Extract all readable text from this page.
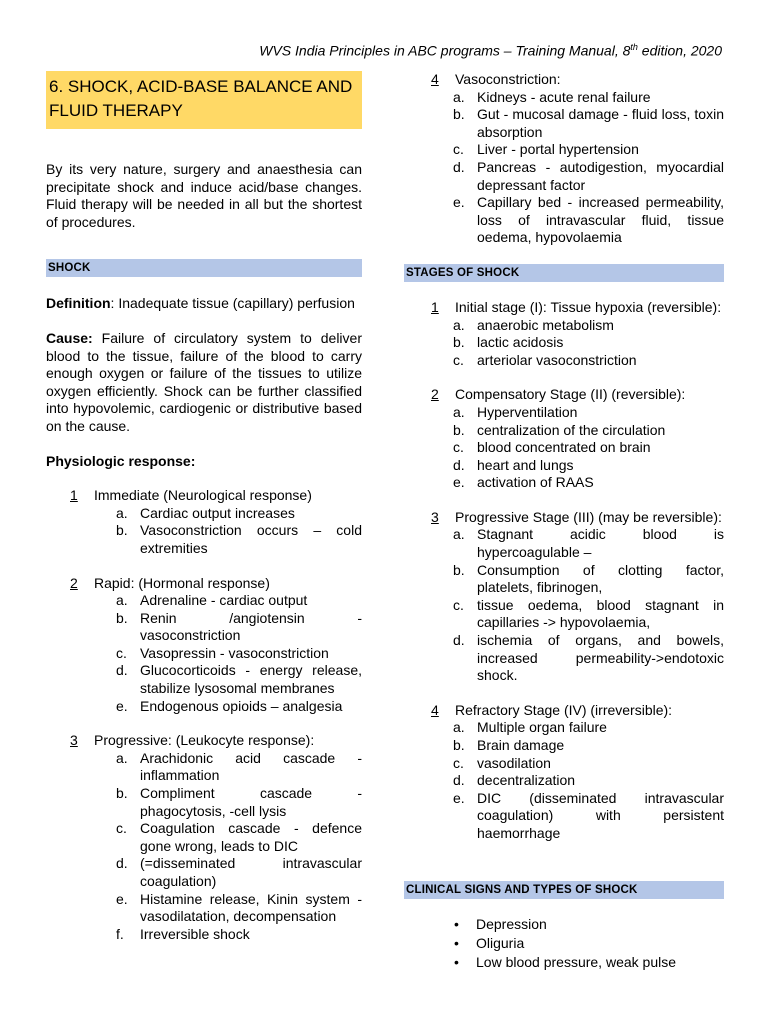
WVS India Principles in ABC programs – Training Manual, 8th edition, 2020
6. SHOCK, ACID-BASE BALANCE AND FLUID THERAPY
By its very nature, surgery and anaesthesia can precipitate shock and induce acid/base changes. Fluid therapy will be needed in all but the shortest of procedures.
SHOCK
Definition: Inadequate tissue (capillary) perfusion
Cause: Failure of circulatory system to deliver blood to the tissue, failure of the blood to carry enough oxygen or failure of the tissues to utilize oxygen efficiently. Shock can be further classified into hypovolemic, cardiogenic or distributive based on the cause.
Physiologic response:
1	Immediate (Neurological response)
a. Cardiac output increases
b. Vasoconstriction occurs – cold extremities
2	Rapid: (Hormonal response)
a. Adrenaline - cardiac output
b. Renin /angiotensin - vasoconstriction
c. Vasopressin - vasoconstriction
d. Glucocorticoids - energy release, stabilize lysosomal membranes
e. Endogenous opioids – analgesia
3	Progressive: (Leukocyte response):
a. Arachidonic acid cascade - inflammation
b. Compliment cascade - phagocytosis, -cell lysis
c. Coagulation cascade - defence gone wrong, leads to DIC
d. (=disseminated intravascular coagulation)
e. Histamine release, Kinin system - vasodilatation, decompensation
f.	Irreversible shock
4	Vasoconstriction:
a. Kidneys - acute renal failure
b. Gut - mucosal damage - fluid loss, toxin absorption
c. Liver - portal hypertension
d. Pancreas - autodigestion, myocardial depressant factor
e. Capillary bed - increased permeability, loss of intravascular fluid, tissue oedema, hypovolaemia
STAGES OF SHOCK
1	Initial stage (I): Tissue hypoxia (reversible):
a. anaerobic metabolism
b. lactic acidosis
c. arteriolar vasoconstriction
2	Compensatory Stage (II) (reversible):
a. Hyperventilation
b. centralization of the circulation
c. blood concentrated on brain
d. heart and lungs
e. activation of RAAS
3	Progressive Stage (III) (may be reversible):
a. Stagnant acidic blood is hypercoagulable –
b. Consumption of clotting factor, platelets, fibrinogen,
c. tissue oedema, blood stagnant in capillaries -> hypovolaemia,
d. ischemia of organs, and bowels, increased permeability->endotoxic shock.
4	Refractory Stage (IV) (irreversible):
a. Multiple organ failure
b. Brain damage
c. vasodilation
d. decentralization
e. DIC (disseminated intravascular coagulation) with persistent haemorrhage
CLINICAL SIGNS AND TYPES OF SHOCK
•	Depression
•	Oliguria
•	Low blood pressure, weak pulse
